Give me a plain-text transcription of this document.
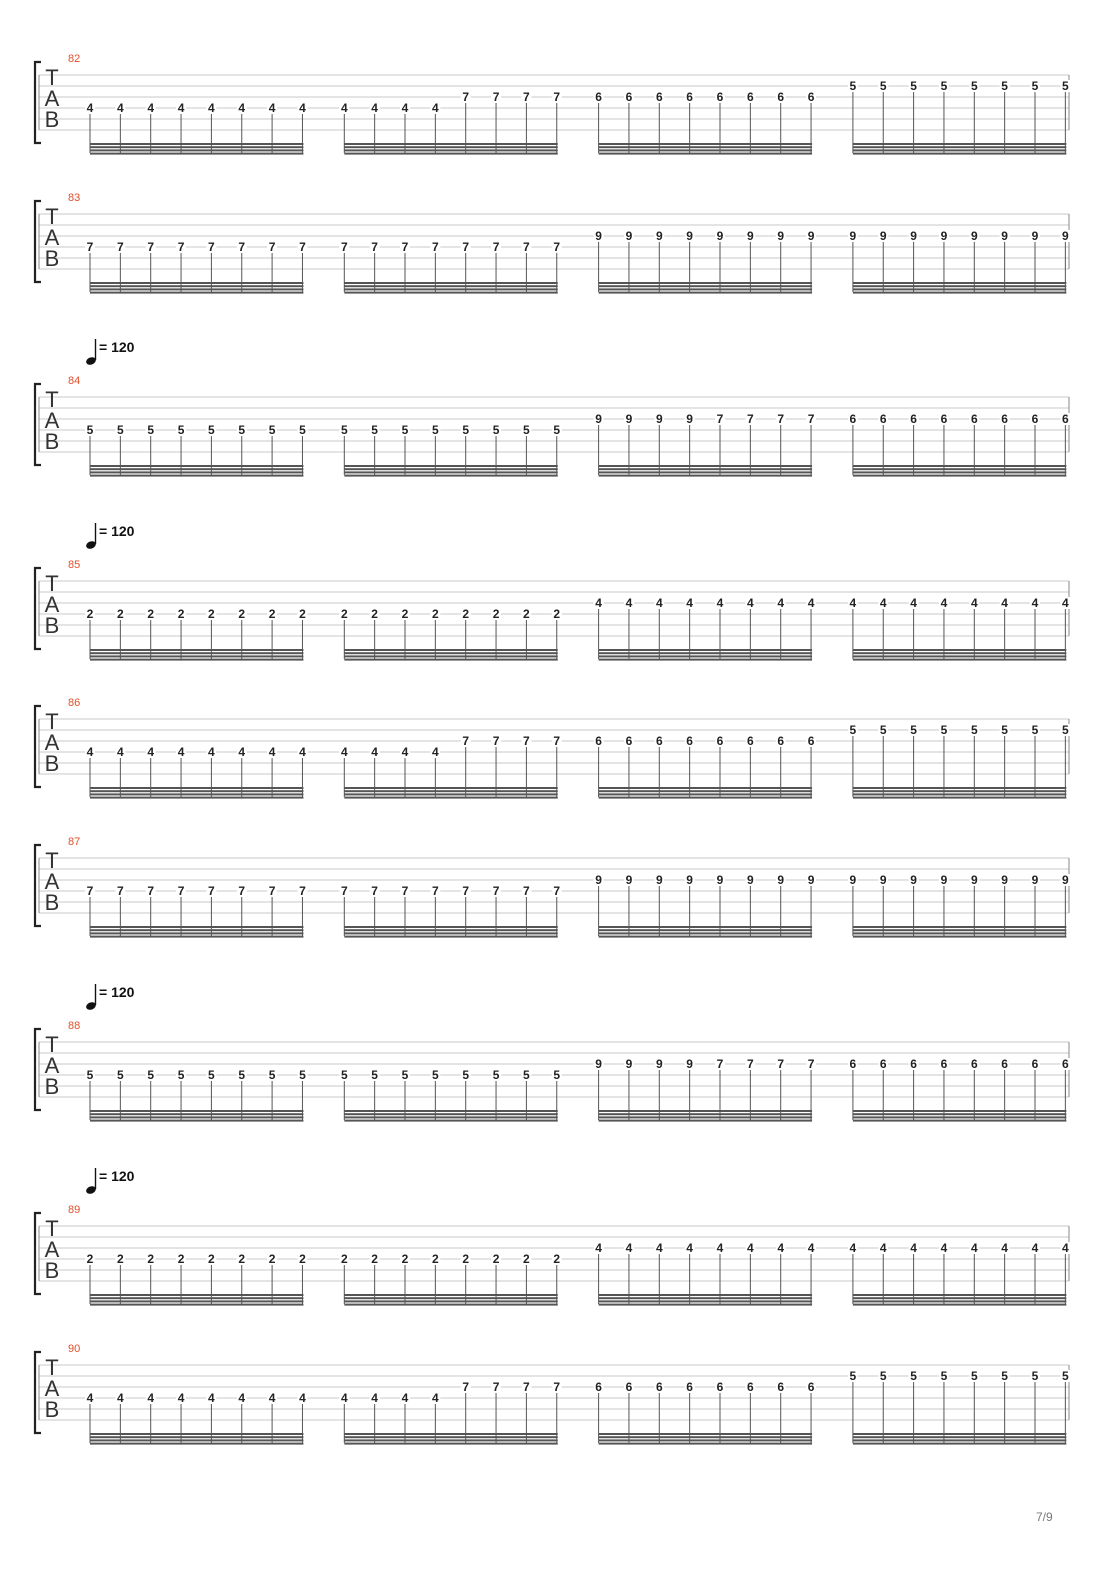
T
A
B
82
4 4 4 4 4 4 4 4	4 4 4 4
7 7 7 7	6 6 6 6 6 6 6 6
5 5 5 5 5 5 5 5
T
A
B
83
7 7 7 7 7 7 7 7	7 7 7 7 7 7 7 7
9 9 9 9 9 9 9 9	9 9 9 9 9 9 9 9
T
A
B
84
= 120
5 5 5 5 5 5 5 5	5 5 5 5 5 5 5 5
9 9 9 9 7 7 7 7	6 6 6 6 6 6 6 6
T
A
B
85
= 120
2 2 2 2 2 2 2 2	2 2 2 2 2 2 2 2
4 4 4 4 4 4 4 4	4 4 4 4 4 4 4 4
T
A
B
86
4 4 4 4 4 4 4 4	4 4 4 4
7 7 7 7	6 6 6 6 6 6 6 6
5 5 5 5 5 5 5 5
T
A
B
87
7 7 7 7 7 7 7 7	7 7 7 7 7 7 7 7
9 9 9 9 9 9 9 9	9 9 9 9 9 9 9 9
T
A
B
88
= 120
5 5 5 5 5 5 5 5	5 5 5 5 5 5 5 5
9 9 9 9 7 7 7 7	6 6 6 6 6 6 6 6
T
A
B
89
= 120
2 2 2 2 2 2 2 2	2 2 2 2 2 2 2 2
4 4 4 4 4 4 4 4	4 4 4 4 4 4 4 4
T
A
B
90
4 4 4 4 4 4 4 4	4 4 4 4
7 7 7 7	6 6 6 6 6 6 6 6
5 5 5 5 5 5 5 5
7/9
